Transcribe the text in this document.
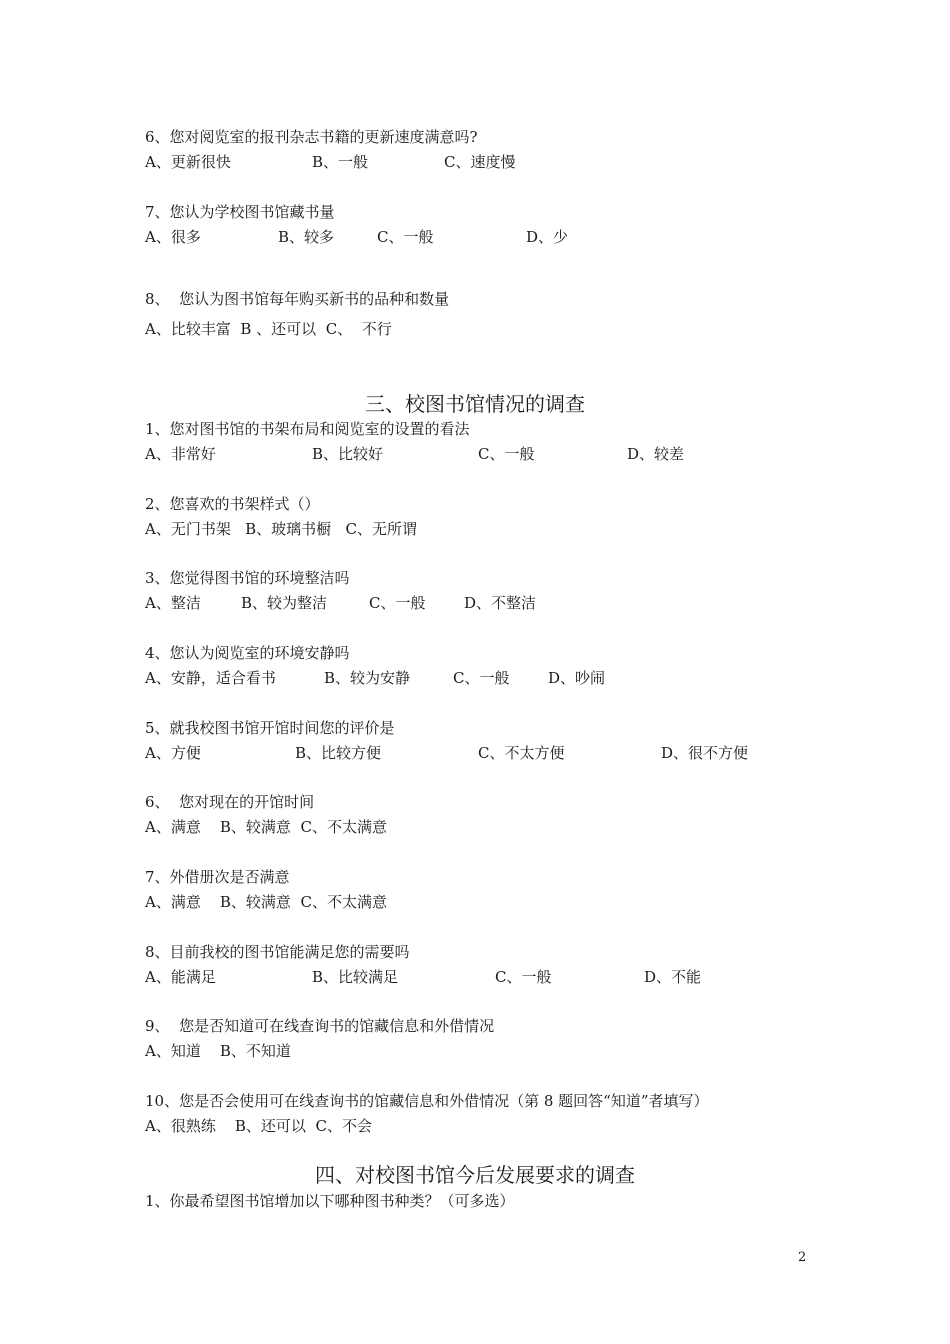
6、您对阅览室的报刊杂志书籍的更新速度满意吗?
A、更新很快	B、一般	C、速度慢
7、您认为学校图书馆藏书量
A、很多	B、较多	C、一般	D、少
8、  您认为图书馆每年购买新书的品种和数量
A、比较丰富  B 、还可以  C、  不行
三、校图书馆情况的调查
1、您对图书馆的书架布局和阅览室的设置的看法
A、非常好	B、比较好	C、一般	D、较差
2、您喜欢的书架样式（）
A、无门书架   B、玻璃书橱   C、无所谓
3、您觉得图书馆的环境整洁吗
A、整洁	B、较为整洁	C、一般	D、不整洁
4、您认为阅览室的环境安静吗
A、安静，适合看书	B、较为安静	C、一般	D、吵闹
5、就我校图书馆开馆时间您的评价是
A、方便	B、比较方便	C、不太方便	D、很不方便
6、  您对现在的开馆时间
A、满意    B、较满意  C、不太满意
7、外借册次是否满意
A、满意    B、较满意  C、不太满意
8、目前我校的图书馆能满足您的需要吗
A、能满足	B、比较满足	C、一般	D、不能
9、  您是否知道可在线查询书的馆藏信息和外借情况
A、知道    B、不知道
10、您是否会使用可在线查询书的馆藏信息和外借情况（第 8 题回答“知道”者填写）
A、很熟练    B、还可以  C、不会
四、对校图书馆今后发展要求的调查
1、你最希望图书馆增加以下哪种图书种类？（可多选）
2
